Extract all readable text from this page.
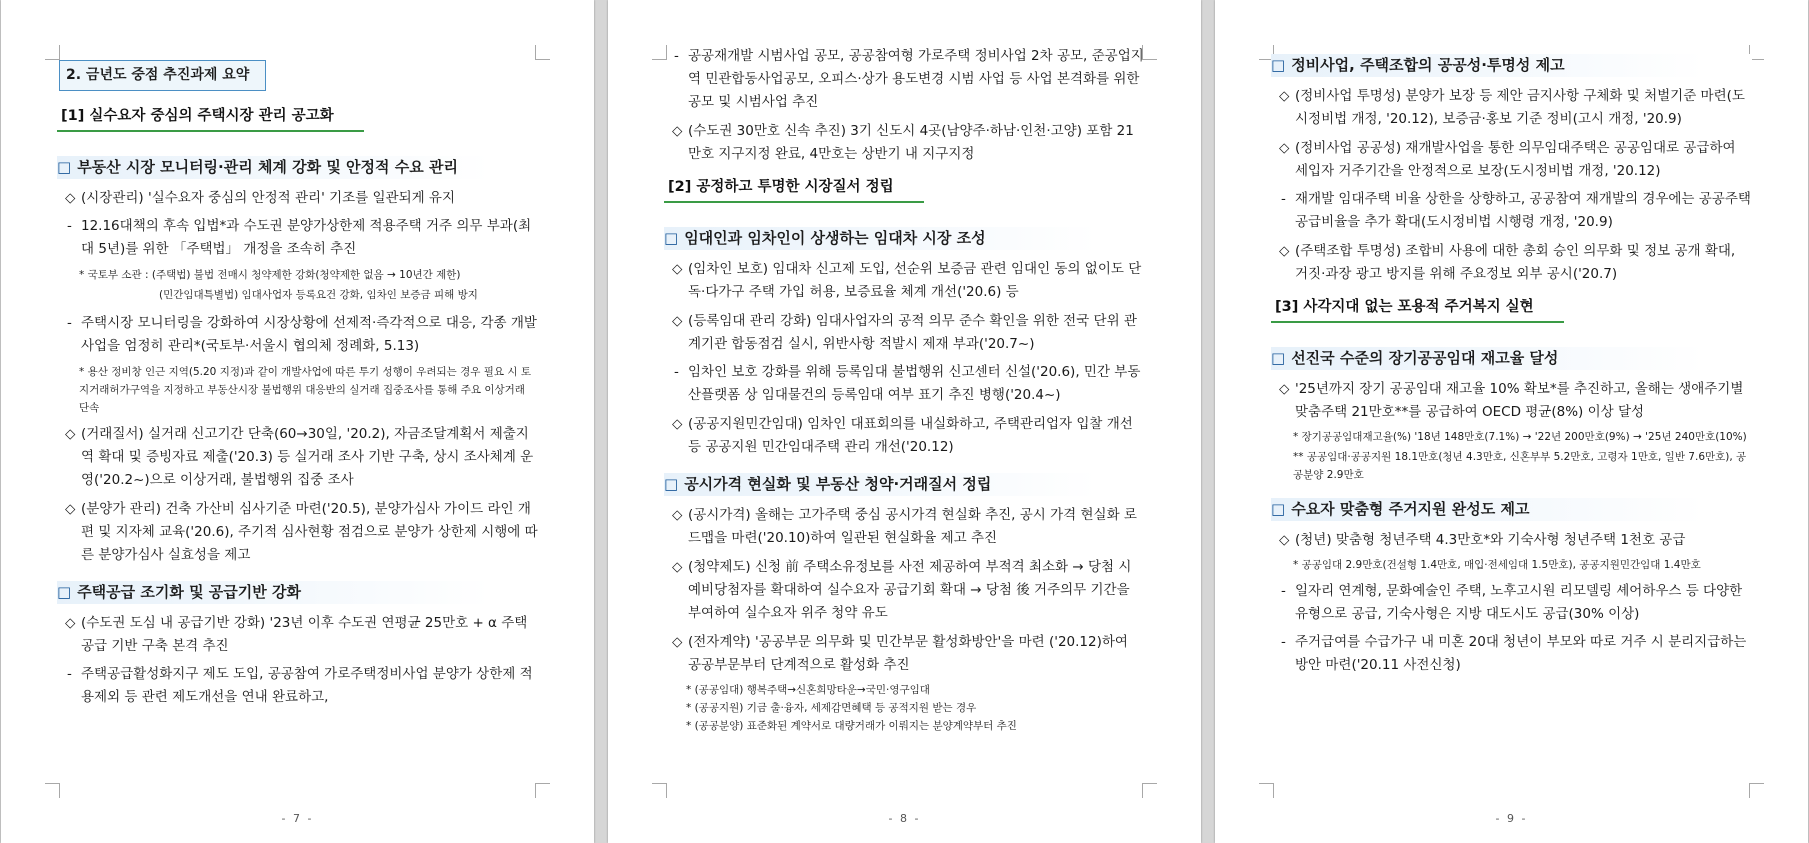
2. 금년도 중점 추진과제 요약
[1] 실수요자 중심의 주택시장 관리 공고화
□ 부동산 시장 모니터링·관리 체계 강화 및 안정적 수요 관리
◇ (시장관리) '실수요자 중심의 안정적 관리' 기조를 일관되게 유지
- 12.16대책의 후속 입법*과 수도권 분양가상한제 적용주택 거주 의무 부과(최대 5년)를 위한 「주택법」 개정을 조속히 추진
* 국토부 소관 : (주택법) 불법 전매시 청약제한 강화(청약제한 없음 → 10년간 제한)
(민간임대특별법) 임대사업자 등록요건 강화, 임차인 보증금 피해 방지
- 주택시장 모니터링을 강화하여 시장상황에 선제적·즉각적으로 대응, 각종 개발사업을 엄정히 관리*(국토부·서울시 협의체 정례화, 5.13)
* 용산 정비창 인근 지역(5.20 지정)과 같이 개발사업에 따른 투기 성행이 우려되는 경우 필요 시 토지거래허가구역을 지정하고 부동산시장 불법행위 대응반의 실거래 집중조사를 통해 주요 이상거래 단속
◇ (거래질서) 실거래 신고기간 단축(60→30일, '20.2), 자금조달계획서 제출지역 확대 및 증빙자료 제출('20.3) 등 실거래 조사 기반 구축, 상시 조사체계 운영('20.2~)으로 이상거래, 불법행위 집중 조사
◇ (분양가 관리) 건축 가산비 심사기준 마련('20.5), 분양가심사 가이드 라인 개편 및 지자체 교육('20.6), 주기적 심사현황 점검으로 분양가 상한제 시행에 따른 분양가심사 실효성을 제고
□ 주택공급 조기화 및 공급기반 강화
◇ (수도권 도심 내 공급기반 강화) '23년 이후 수도권 연평균 25만호 + α 주택공급 기반 구축 본격 추진
- 주택공급활성화지구 제도 도입, 공공참여 가로주택정비사업 분양가 상한제 적용제외 등 관련 제도개선을 연내 완료하고,
- 7 -
- 공공재개발 시범사업 공모, 공공참여형 가로주택 정비사업 2차 공모, 준공업지역 민관합동사업공모, 오피스·상가 용도변경 시범 사업 등 사업 본격화를 위한 공모 및 시범사업 추진
◇ (수도권 30만호 신속 추진) 3기 신도시 4곳(남양주·하남·인천·고양) 포함 21만호 지구지정 완료, 4만호는 상반기 내 지구지정
[2] 공정하고 투명한 시장질서 정립
□ 임대인과 임차인이 상생하는 임대차 시장 조성
◇ (임차인 보호) 임대차 신고제 도입, 선순위 보증금 관련 임대인 동의 없이도 단독·다가구 주택 가입 허용, 보증료율 체계 개선('20.6) 등
◇ (등록임대 관리 강화) 임대사업자의 공적 의무 준수 확인을 위한 전국 단위 관계기관 합동점검 실시, 위반사항 적발시 제재 부과('20.7~)
- 임차인 보호 강화를 위해 등록임대 불법행위 신고센터 신설('20.6), 민간 부동산플랫폼 상 임대물건의 등록임대 여부 표기 추진 병행('20.4~)
◇ (공공지원민간임대) 임차인 대표회의를 내실화하고, 주택관리업자 입찰 개선 등 공공지원 민간임대주택 관리 개선('20.12)
□ 공시가격 현실화 및 부동산 청약·거래질서 정립
◇ (공시가격) 올해는 고가주택 중심 공시가격 현실화 추진, 공시 가격 현실화 로드맵을 마련('20.10)하여 일관된 현실화율 제고 추진
◇ (청약제도) 신청 前 주택소유정보를 사전 제공하여 부적격 최소화 → 당첨 시 예비당첨자를 확대하여 실수요자 공급기회 확대 → 당첨 後 거주의무 기간을 부여하여 실수요자 위주 청약 유도
◇ (전자계약) '공공부문 의무화 및 민간부문 활성화방안'을 마련 ('20.12)하여 공공부문부터 단계적으로 활성화 추진
* (공공임대) 행복주택→신혼희망타운→국민·영구임대
* (공공지원) 기금 출·융자, 세제감면혜택 등 공적지원 받는 경우
* (공공분양) 표준화된 계약서로 대량거래가 이뤄지는 분양계약부터 추진
- 8 -
□ 정비사업, 주택조합의 공공성·투명성 제고
◇ (정비사업 투명성) 분양가 보장 등 제안 금지사항 구체화 및 처벌기준 마련(도시정비법 개정, '20.12), 보증금·홍보 기준 정비(고시 개정, '20.9)
◇ (정비사업 공공성) 재개발사업을 통한 의무임대주택은 공공임대로 공급하여 세입자 거주기간을 안정적으로 보장(도시정비법 개정, '20.12)
- 재개발 임대주택 비율 상한을 상향하고, 공공참여 재개발의 경우에는 공공주택 공급비율을 추가 확대(도시정비법 시행령 개정, '20.9)
◇ (주택조합 투명성) 조합비 사용에 대한 총회 승인 의무화 및 정보 공개 확대, 거짓·과장 광고 방지를 위해 주요정보 외부 공시('20.7)
[3] 사각지대 없는 포용적 주거복지 실현
□ 선진국 수준의 장기공공임대 재고율 달성
◇ '25년까지 장기 공공임대 재고율 10% 확보*를 추진하고, 올해는 생애주기별 맞춤주택 21만호**를 공급하여 OECD 평균(8%) 이상 달성
* 장기공공임대재고율(%) '18년 148만호(7.1%) → '22년 200만호(9%) → '25년 240만호(10%)
** 공공임대·공공지원 18.1만호(청년 4.3만호, 신혼부부 5.2만호, 고령자 1만호, 일반 7.6만호), 공공분양 2.9만호
□ 수요자 맞춤형 주거지원 완성도 제고
◇ (청년) 맞춤형 청년주택 4.3만호*와 기숙사형 청년주택 1천호 공급
* 공공임대 2.9만호(건설형 1.4만호, 매입·전세임대 1.5만호), 공공지원민간임대 1.4만호
- 일자리 연계형, 문화예술인 주택, 노후고시원 리모델링 셰어하우스 등 다양한 유형으로 공급, 기숙사형은 지방 대도시도 공급(30% 이상)
- 주거급여를 수급가구 내 미혼 20대 청년이 부모와 따로 거주 시 분리지급하는 방안 마련('20.11 사전신청)
- 9 -
